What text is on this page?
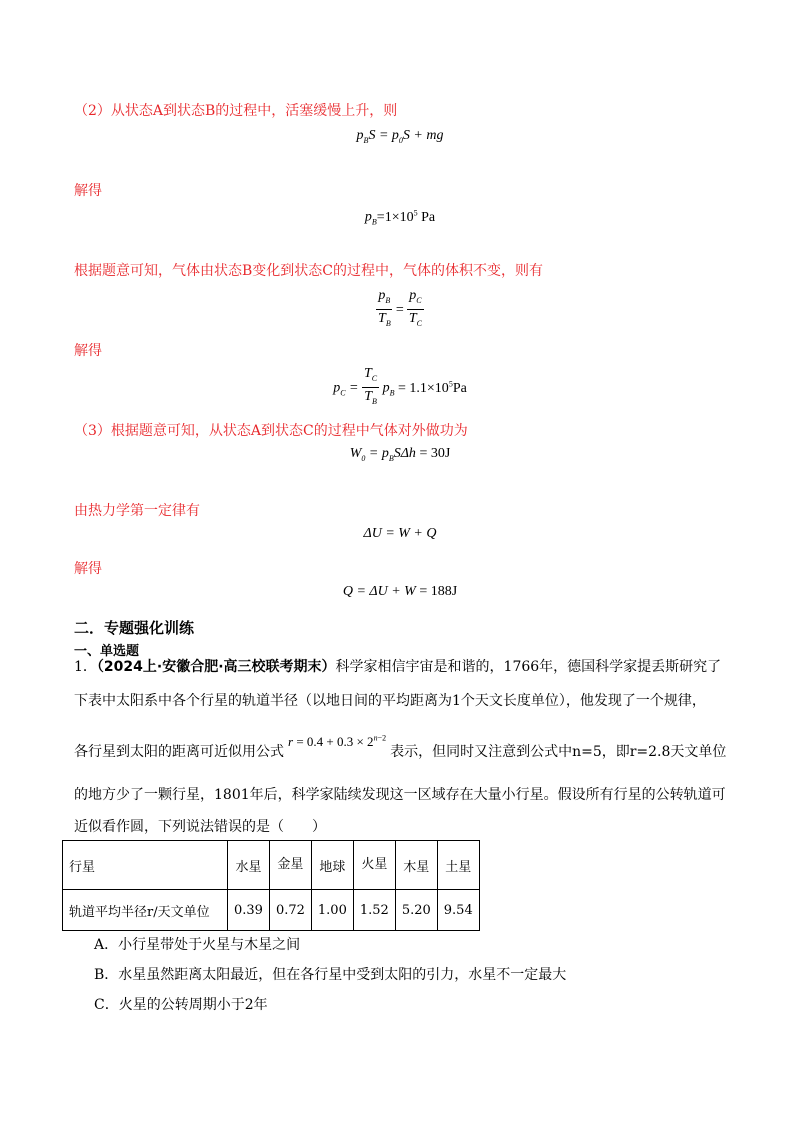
（2）从状态A到状态B的过程中，活塞缓慢上升，则
$p_BS = p_0S$ + mg
解得
$p_B=1\times 10^5$ Pa
根据题意可知，气体由状态B变化到状态C的过程中，气体的体积不变，则有
$\frac{p_B}{T_B} = \frac{p_C}{T_C}$
解得
$p_C = \frac{T_C}{T_B} p_B = 1.1\times 10^5Pa$
（3）根据题意可知，从状态A到状态C的过程中气体对外做功为
$W_0 = p_BS\Delta h = 30J$
由热力学第一定律有
ΔU = W + Q
解得
Q = ΔU + W = 188J
二．专题强化训练
一、单选题
1．（2024上·安徽合肥·高三校联考期末）科学家相信宇宙是和谐的，1766年，德国科学家提丢斯研究了
下表中太阳系中各个行星的轨道半径（以地日间的平均距离为1个天文长度单位），他发现了一个规律，
各行星到太阳的距离可近似用公式$r = 0.4 + 0.3 \times 2^{n-2}$表示，但同时又注意到公式中n=5，即r=2.8天文单位
的地方少了一颗行星，1801年后，科学家陆续发现这一区域存在大量小行星。假设所有行星的公转轨道可
近似看作圆，下列说法错误的是（　　）
行星	水星	金星	地球	火星	木星	土星
轨道平均半径r/天文单位	0.39	0.72	1.00	1.52	5.20	9.54
A．小行星带处于火星与木星之间
B．水星虽然距离太阳最近，但在各行星中受到太阳的引力，水星不一定最大
C．火星的公转周期小于2年
